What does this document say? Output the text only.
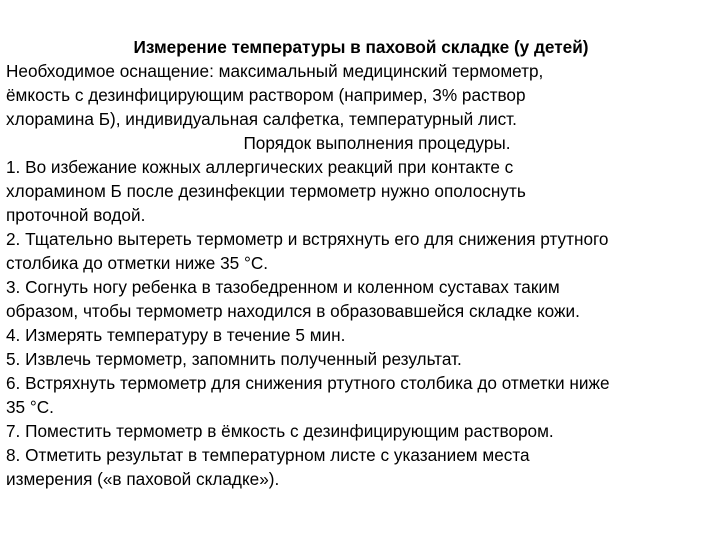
Измерение температуры в паховой складке (у детей)
Необходимое оснащение: максимальный медицинский термометр,
ёмкость с дезинфицирующим раствором (например, 3% раствор
хлорамина Б), индивидуальная салфетка, температурный лист.
Порядок выполнения процедуры.
1. Во избежание кожных аллергических реакций при контакте с
хлорамином Б после дезинфекции термометр нужно ополоснуть
проточной водой.
2. Тщательно вытереть термометр и встряхнуть его для снижения ртутного
столбика до отметки ниже 35 °С.
3. Согнуть ногу ребенка в тазобедренном и коленном суставах таким
образом, чтобы термометр находился в образовавшейся складке кожи.
4. Измерять температуру в течение 5 мин.
5. Извлечь термометр, запомнить полученный результат.
6. Встряхнуть термометр для снижения ртутного столбика до отметки ниже
35 °С.
7. Поместить термометр в ёмкость с дезинфицирующим раствором.
8. Отметить результат в температурном листе с указанием места
измерения («в паховой складке»).
